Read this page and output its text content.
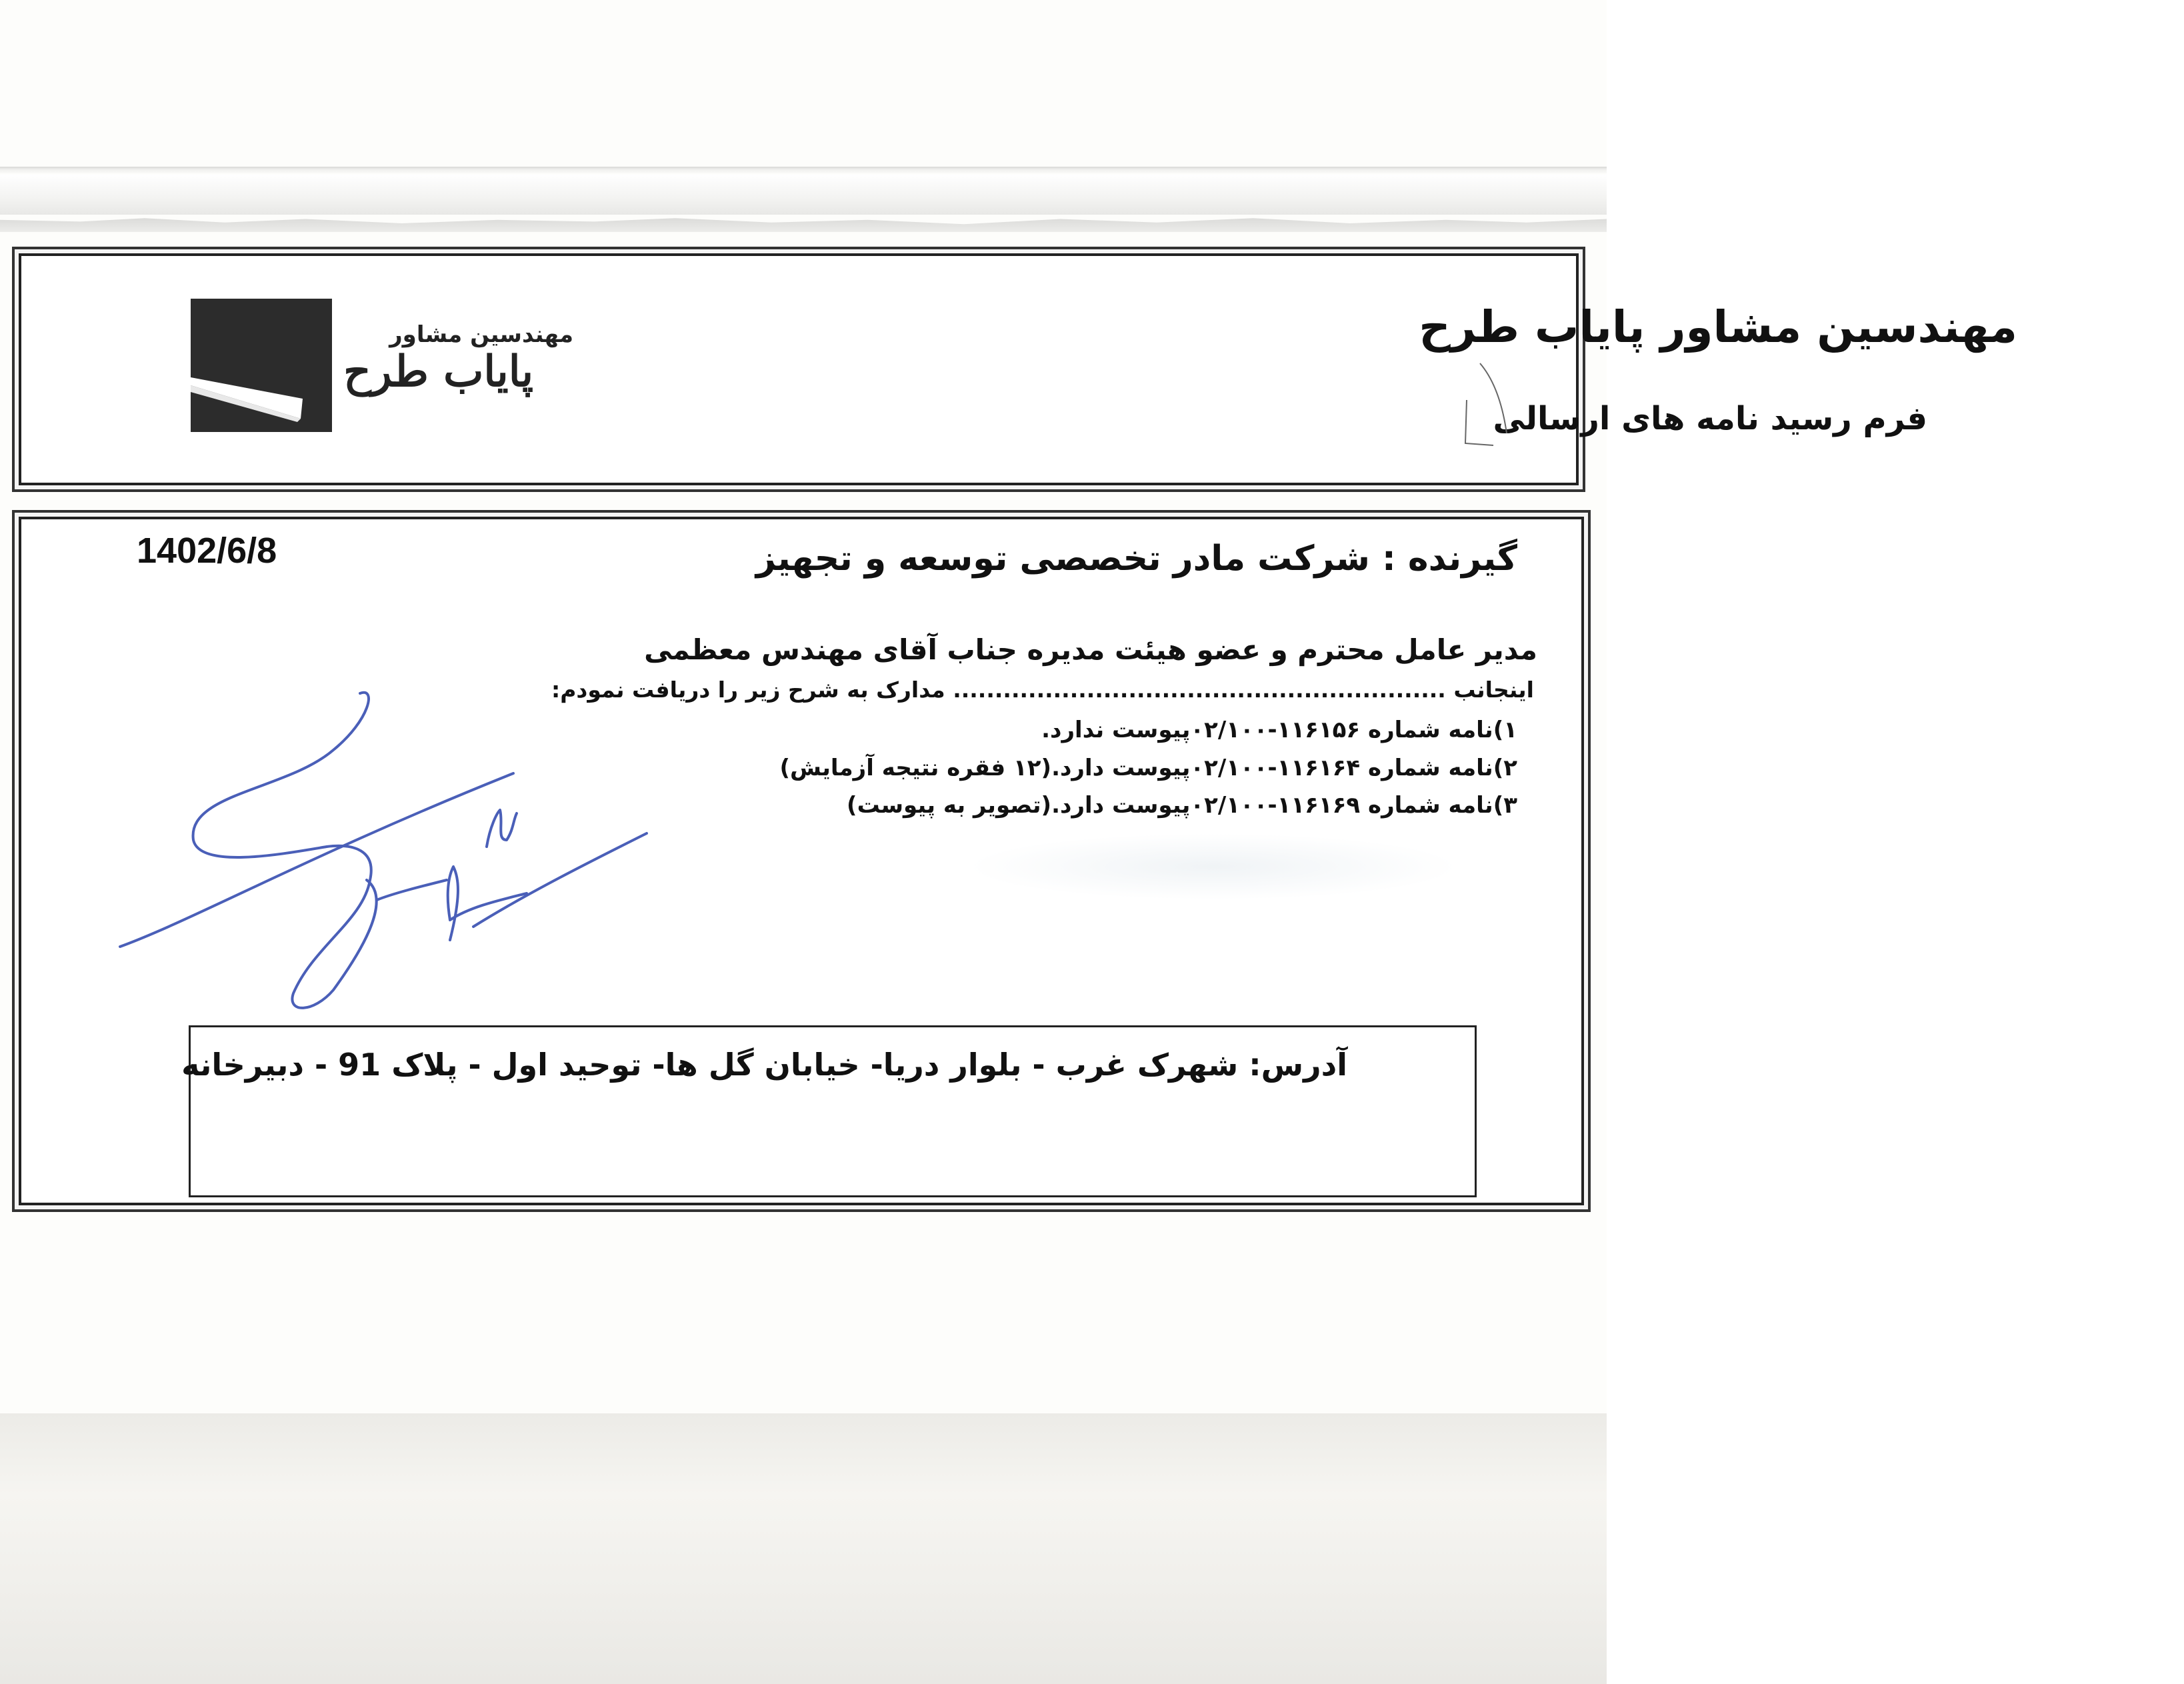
مهندسین مشاور
پایاب طرح
مهندسین مشاور پایاب طرح
فرم رسید نامه های ارسالی
1402/6/8	گیرنده : شرکت مادر تخصصی توسعه و تجهیز
مدیر عامل محترم و عضو هیئت مدیره جناب آقای مهندس معظمی
اینجانب ........................................................... مدارک به شرح زیر را دریافت نمودم:
۱)نامه شماره ۱۱۶۱۵۶-۰۲/۱۰۰پیوست ندارد.
۲)نامه شماره ۱۱۶۱۶۴-۰۲/۱۰۰پیوست دارد.(۱۲ فقره نتیجه آزمایش)
۳)نامه شماره ۱۱۶۱۶۹-۰۲/۱۰۰پیوست دارد.(تصویر به پیوست)
آدرس: شهرک غرب - بلوار دریا- خیابان گل ها- توحید اول - پلاک 91 - دبیرخانه
